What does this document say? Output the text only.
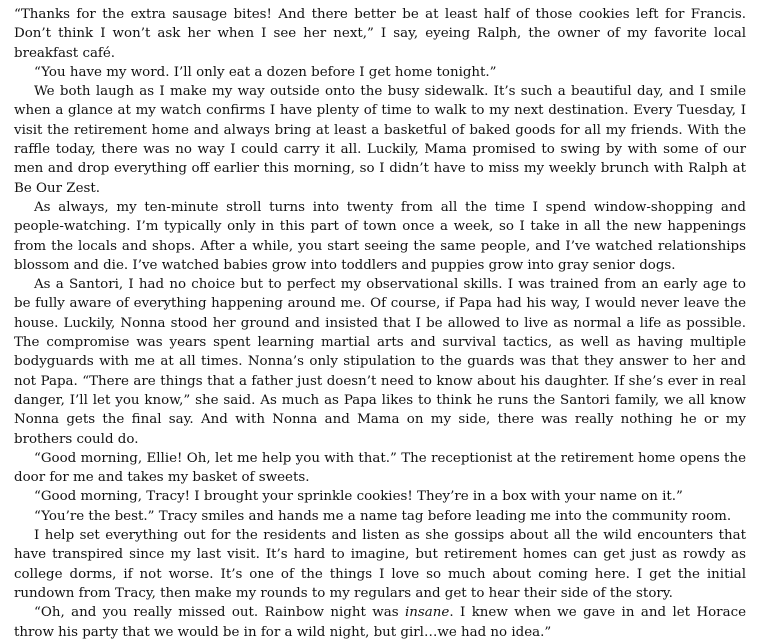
“Thanks for the extra sausage bites! And there better be at least half of those cookies left for Francis. Don’t think I won’t ask her when I see her next,” I say, eyeing Ralph, the owner of my favorite local breakfast café.

“You have my word. I’ll only eat a dozen before I get home tonight.”

We both laugh as I make my way outside onto the busy sidewalk. It’s such a beautiful day, and I smile when a glance at my watch confirms I have plenty of time to walk to my next destination. Every Tuesday, I visit the retirement home and always bring at least a basketful of baked goods for all my friends. With the raffle today, there was no way I could carry it all. Luckily, Mama promised to swing by with some of our men and drop everything off earlier this morning, so I didn’t have to miss my weekly brunch with Ralph at Be Our Zest.

As always, my ten-minute stroll turns into twenty from all the time I spend window-shopping and people-watching. I’m typically only in this part of town once a week, so I take in all the new happenings from the locals and shops. After a while, you start seeing the same people, and I’ve watched relationships blossom and die. I’ve watched babies grow into toddlers and puppies grow into gray senior dogs.

As a Santori, I had no choice but to perfect my observational skills. I was trained from an early age to be fully aware of everything happening around me. Of course, if Papa had his way, I would never leave the house. Luckily, Nonna stood her ground and insisted that I be allowed to live as normal a life as possible. The compromise was years spent learning martial arts and survival tactics, as well as having multiple bodyguards with me at all times. Nonna’s only stipulation to the guards was that they answer to her and not Papa. “There are things that a father just doesn’t need to know about his daughter. If she’s ever in real danger, I’ll let you know,” she said. As much as Papa likes to think he runs the Santori family, we all know Nonna gets the final say. And with Nonna and Mama on my side, there was really nothing he or my brothers could do.

“Good morning, Ellie! Oh, let me help you with that.” The receptionist at the retirement home opens the door for me and takes my basket of sweets.

“Good morning, Tracy! I brought your sprinkle cookies! They’re in a box with your name on it.”

“You’re the best.” Tracy smiles and hands me a name tag before leading me into the community room.

I help set everything out for the residents and listen as she gossips about all the wild encounters that have transpired since my last visit. It’s hard to imagine, but retirement homes can get just as rowdy as college dorms, if not worse. It’s one of the things I love so much about coming here. I get the initial rundown from Tracy, then make my rounds to my regulars and get to hear their side of the story.

“Oh, and you really missed out. Rainbow night was insane. I knew when we gave in and let Horace throw his party that we would be in for a wild night, but girl…we had no idea.”
